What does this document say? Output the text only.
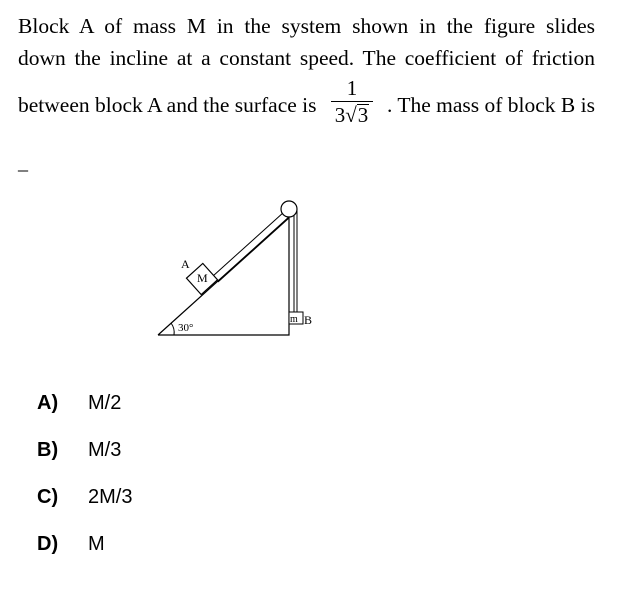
Block A of mass M in the system shown in the figure slides
down the incline at a constant speed. The coefficient of friction
between block A and the surface is
1
3√3 . The mass of block B is
_
M
A
m B
30°
A) M/2
B) M/3
C) 2M/3
D) M
